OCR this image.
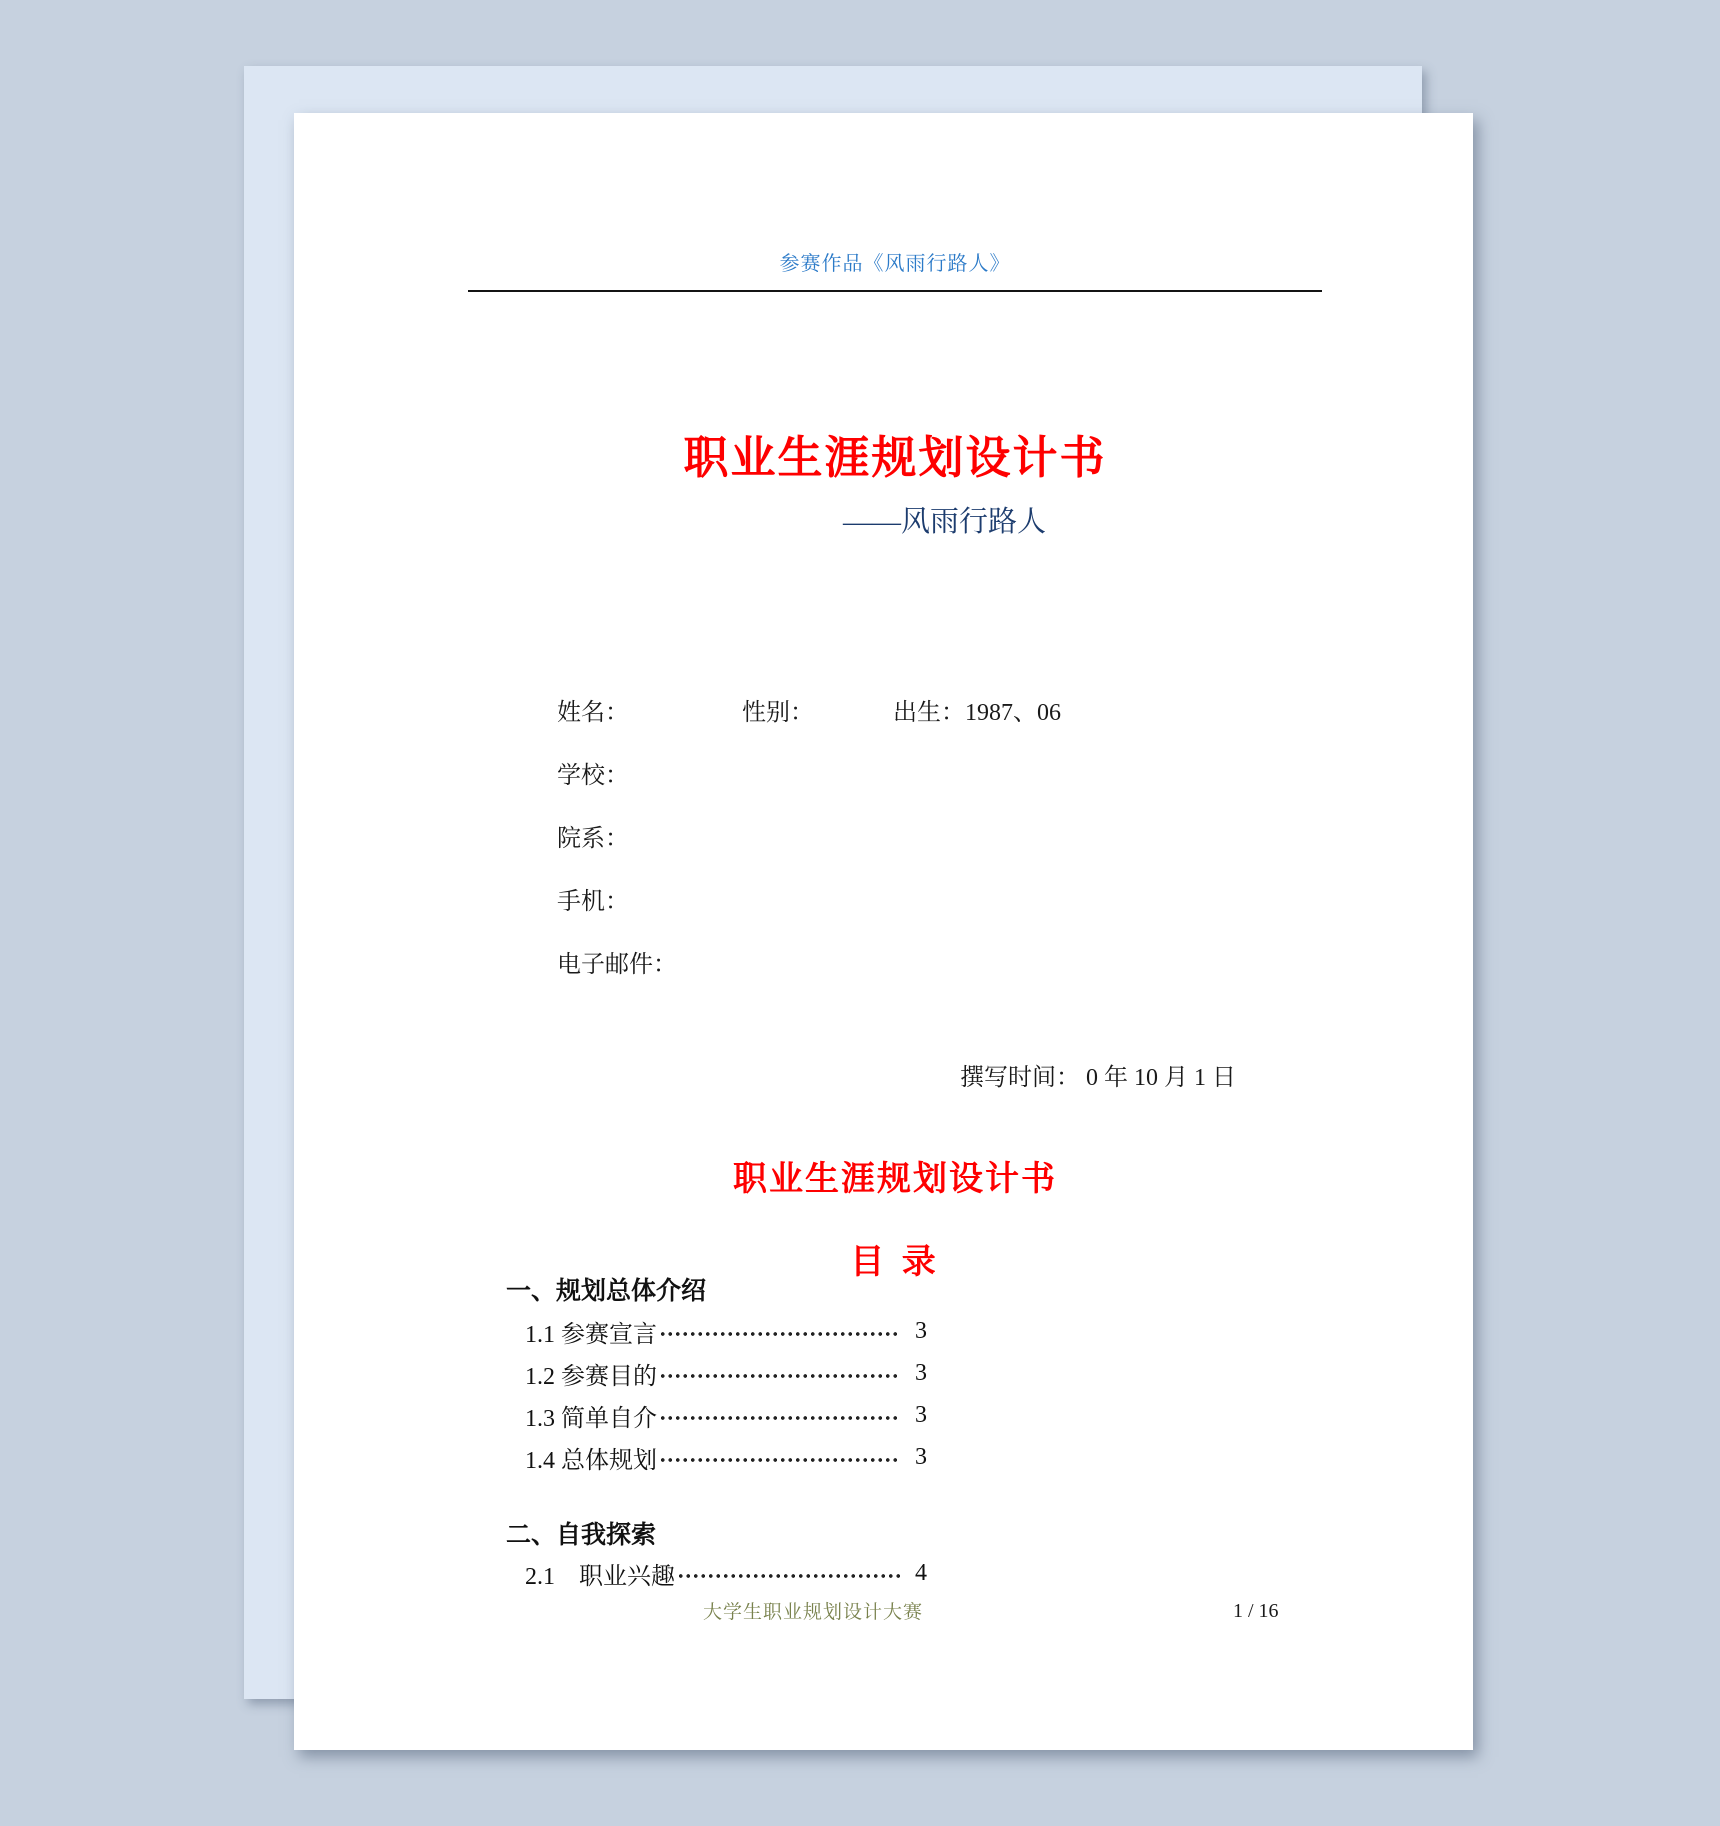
参赛作品《风雨行路人》
职业生涯规划设计书
——风雨行路人
姓名：	性别：	出生：1987、06
学校：
院系：
手机：
电子邮件：
撰写时间： 0 年 10 月 1 日
职业生涯规划设计书
目 录
一、规划总体介绍
1.1 参赛宣言	3
1.2 参赛目的	3
1.3 简单自介	3
1.4 总体规划	3
二、自我探索
2.1　职业兴趣	4
大学生职业规划设计大赛	1 / 16
